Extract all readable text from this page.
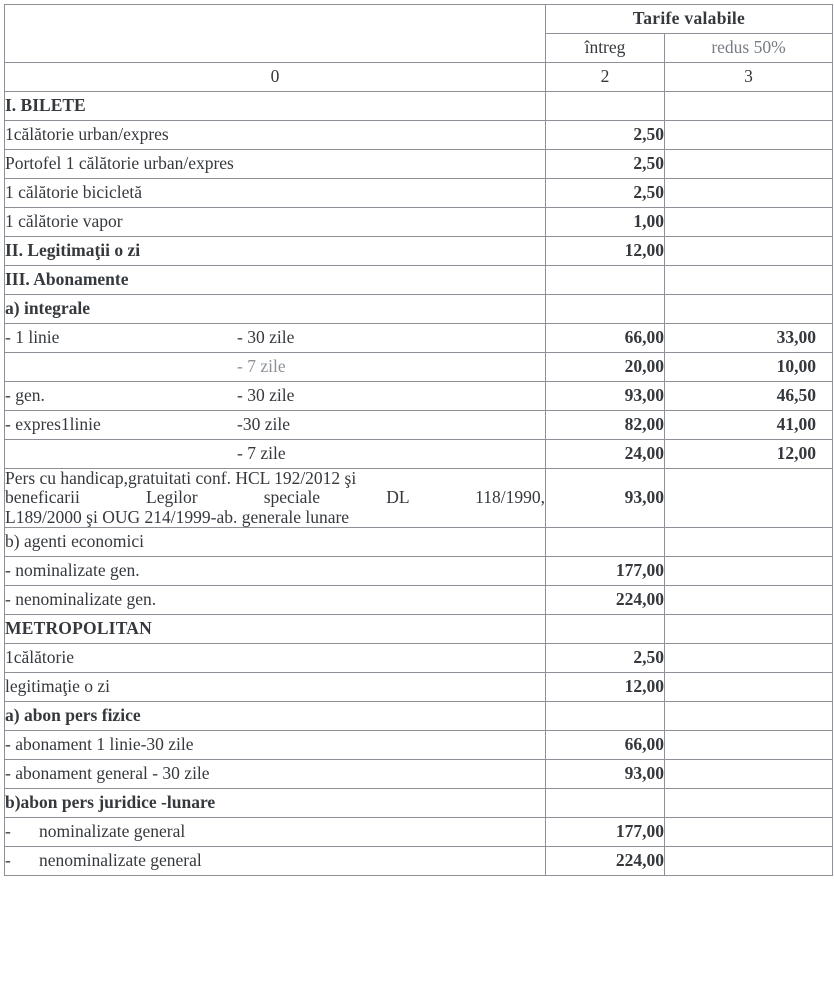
	Tarife valabile	
	întreg	redus 50%
0	2	3
I. BILETE		
1călătorie urban/expres	2,50	
Portofel 1 călătorie urban/expres	2,50	
1 călătorie bicicletă	2,50	
1 călătorie vapor	1,00	
II. Legitimaţii o zi	12,00	
III. Abonamente		
a) integrale		

- 1 linie - 30 zile	66,00	33,00

- 7 zile	20,00	10,00

- gen. - 30 zile	93,00	46,50

- expres1linie -30 zile	82,00	41,00

- 7 zile	24,00	12,00

Pers cu handicap,gratuitati conf. HCL 192/2012 şi
beneficarii Legilor speciale DL 118/1990,
L189/2000 şi OUG 214/1999-ab. generale lunare	93,00	
b) agenti economici		
- nominalizate gen.	177,00	
- nenominalizate gen.	224,00	
METROPOLITAN		
1călătorie	2,50	
legitimaţie o zi	12,00	
a) abon pers fizice		
- abonament 1 linie-30 zile	66,00	
- abonament general - 30 zile	93,00	
b)abon pers juridice -lunare		
- nominalizate general	177,00	
- nenominalizate general	224,00	
